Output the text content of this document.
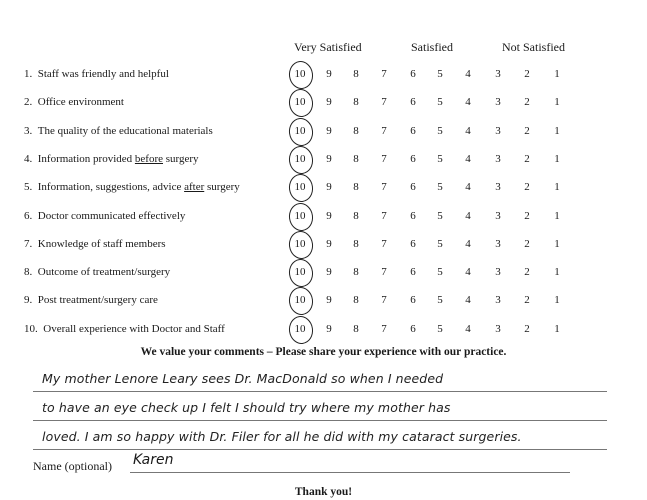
Very Satisfied	Satisfied	Not Satisfied
1. Staff was friendly and helpful	10	9	8	7	6	5	4	3	2	1
2. Office environment	10	9	8	7	6	5	4	3	2	1
3. The quality of the educational materials	10	9	8	7	6	5	4	3	2	1
4. Information provided before surgery	10	9	8	7	6	5	4	3	2	1
5. Information, suggestions, advice after surgery	10	9	8	7	6	5	4	3	2	1
6. Doctor communicated effectively	10	9	8	7	6	5	4	3	2	1
7. Knowledge of staff members	10	9	8	7	6	5	4	3	2	1
8. Outcome of treatment/surgery	10	9	8	7	6	5	4	3	2	1
9. Post treatment/surgery care	10	9	8	7	6	5	4	3	2	1
10. Overall experience with Doctor and Staff	10	9	8	7	6	5	4	3	2	1
We value your comments – Please share your experience with our practice.
My mother Lenore Leary sees Dr. MacDonald so when I needed
to have an eye check up I felt I should try where my mother has
loved. I am so happy with Dr. Filer for all he did with my cataract surgeries.
Name (optional) Karen
Thank you!
